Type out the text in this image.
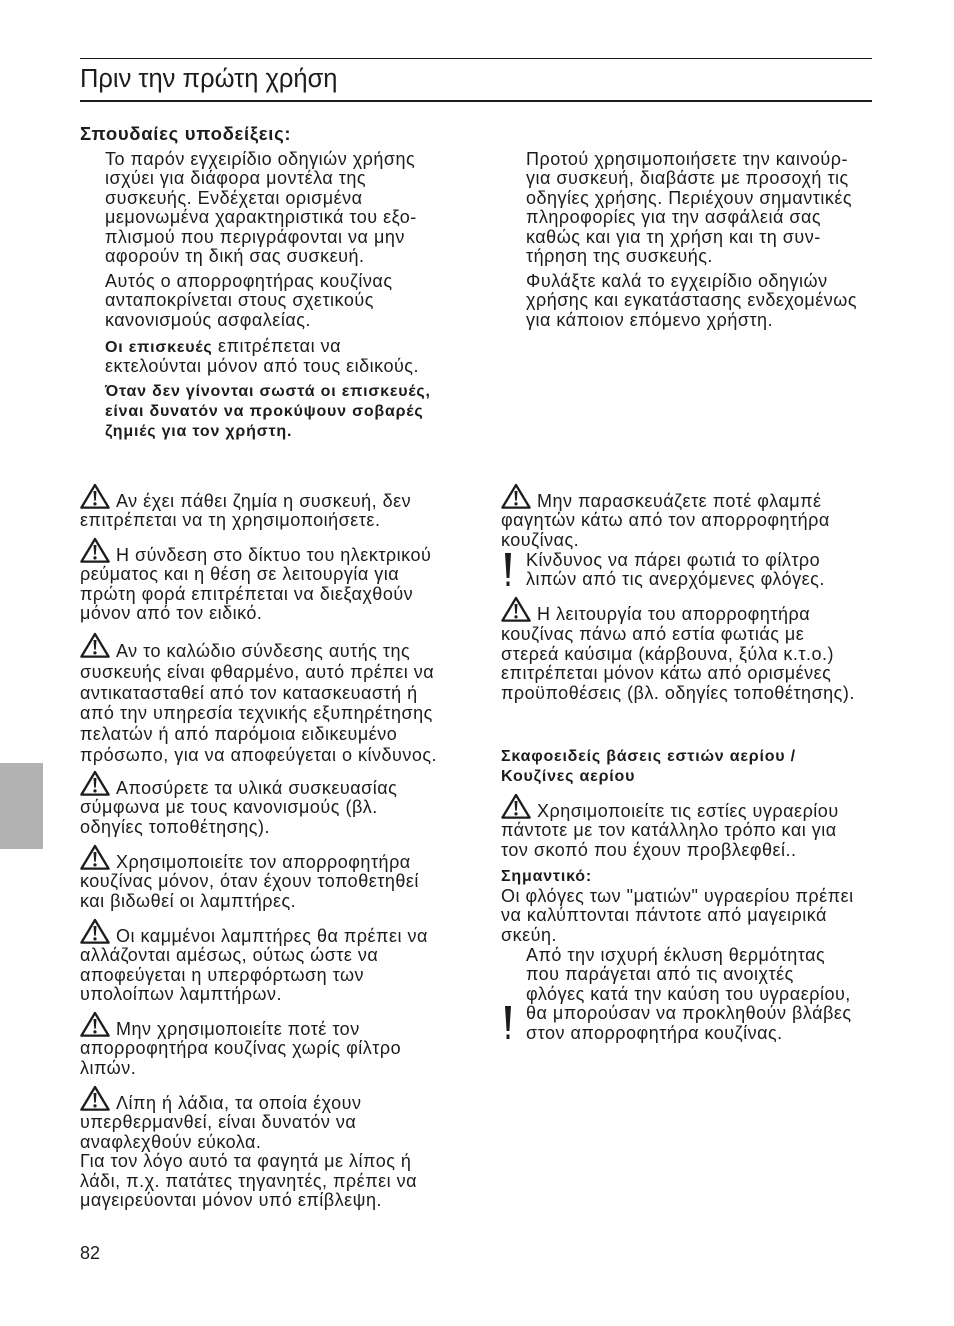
Πριν την πρώτη χρήση
Σπουδαίες υποδείξεις:
Το παρόν εγχειρίδιο οδηγιών χρήσης
ισχύει για διάφορα μοντέλα της
συσκευής. Ενδέχεται ορισμένα
μεμονωμένα χαρακτηριστικά του εξο-
πλισμού που περιγράφονται να μην
αφορούν τη δική σας συσκευή.
Αυτός ο απορροφητήρας κουζίνας
ανταποκρίνεται στους σχετικούς
κανονισμούς ασφαλείας.
Οι επισκευές επιτρέπεται να
εκτελούνται μόνον από τους ειδικούς.
Όταν δεν γίνονται σωστά οι επισκευές,
είναι δυνατόν να προκύψουν σοβαρές
ζημιές για τον χρήστη.
Προτού χρησιμοποιήσετε την καινούρ-
για συσκευή, διαβάστε με προσοχή τις
οδηγίες χρήσης. Περιέχουν σημαντικές
πληροφορίες για την ασφάλειά σας
καθώς και για τη χρήση και τη συν-
τήρηση της συσκευής.
Φυλάξτε καλά το εγχειρίδιο οδηγιών
χρήσης και εγκατάστασης ενδεχομένως
για κάποιον επόμενο χρήστη.
Αν έχει πάθει ζημία η συσκευή, δεν
επιτρέπεται να τη χρησιμοποιήσετε.
Η σύνδεση στο δίκτυο του ηλεκτρικού
ρεύματος και η θέση σε λειτουργία για
πρώτη φορά επιτρέπεται να διεξαχθούν
μόνον από τον ειδικό.
Αν το καλώδιο σύνδεσης αυτής της
συσκευής είναι φθαρμένο, αυτό πρέπει να
αντικατασταθεί από τον κατασκευαστή ή
από την υπηρεσία τεχνικής εξυπηρέτησης
πελατών ή από παρόμοια ειδικευμένο
πρόσωπο, για να αποφεύγεται ο κίνδυνος.
Αποσύρετε τα υλικά συσκευασίας
σύμφωνα με τους κανονισμούς (βλ.
οδηγίες τοποθέτησης).
Χρησιμοποιείτε τον απορροφητήρα
κουζίνας μόνον, όταν έχουν τοποθετηθεί
και βιδωθεί οι λαμπτήρες.
Οι καμμένοι λαμπτήρες θα πρέπει να
αλλάζονται αμέσως, ούτως ώστε να
αποφεύγεται η υπερφόρτωση των
υπολοίπων λαμπτήρων.
Μην χρησιμοποιείτε ποτέ τον
απορροφητήρα κουζίνας χωρίς φίλτρο
λιπών.
Λίπη ή λάδια, τα οποία έχουν
υπερθερμανθεί, είναι δυνατόν να
αναφλεχθούν εύκολα.
Για τον λόγο αυτό τα φαγητά με λίπος ή
λάδι, π.χ. πατάτες τηγανητές, πρέπει να
μαγειρεύονται μόνον υπό επίβλεψη.
Μην παρασκευάζετε ποτέ φλαμπέ
φαγητών κάτω από τον απορροφητήρα
κουζίνας.
Κίνδυνος να πάρει φωτιά το φίλτρο
λιπών από τις ανερχόμενες φλόγες.
Η λειτουργία του απορροφητήρα
κουζίνας πάνω από εστία φωτιάς με
στερεά καύσιμα (κάρβουνα, ξύλα κ.τ.ο.)
επιτρέπεται μόνον κάτω από ορισμένες
προϋποθέσεις (βλ. οδηγίες τοποθέτησης).
Σκαφοειδείς βάσεις εστιών αερίου /
Κουζίνες αερίου
Χρησιμοποιείτε τις εστίες υγραερίου
πάντοτε με τον κατάλληλο τρόπο και για
τον σκοπό που έχουν προβλεφθεί..
Σημαντικό:
Οι φλόγες των "ματιών" υγραερίου πρέπει
να καλύπτονται πάντοτε από μαγειρικά
σκεύη.
Από την ισχυρή έκλυση θερμότητας
που παράγεται από τις ανοιχτές
φλόγες κατά την καύση του υγραερίου,
θα μπορούσαν να προκληθούν βλάβες
στον απορροφητήρα κουζίνας.
82
